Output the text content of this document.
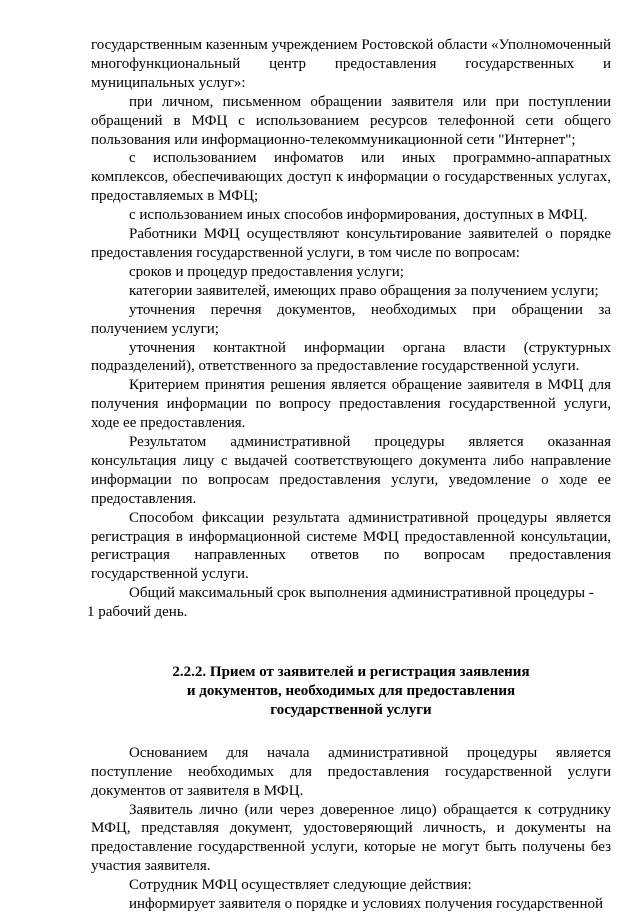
государственным казенным учреждением Ростовской области «Уполномоченный многофункциональный центр предоставления государственных и муниципальных услуг»:

при личном, письменном обращении заявителя или при поступлении обращений в МФЦ с использованием ресурсов телефонной сети общего пользования или информационно-телекоммуникационной сети "Интернет";

с использованием инфоматов или иных программно-аппаратных комплексов, обеспечивающих доступ к информации о государственных услугах, предоставляемых в МФЦ;

с использованием иных способов информирования, доступных в МФЦ.

Работники МФЦ осуществляют консультирование заявителей о порядке предоставления государственной услуги, в том числе по вопросам:

сроков и процедур предоставления услуги;

категории заявителей, имеющих право обращения за получением услуги;

уточнения перечня документов, необходимых при обращении за получением услуги;

уточнения контактной информации органа власти (структурных подразделений), ответственного за предоставление государственной услуги.

Критерием принятия решения является обращение заявителя в МФЦ для получения информации по вопросу предоставления государственной услуги, ходе ее предоставления.

Результатом административной процедуры является оказанная консультация лицу с выдачей соответствующего документа либо направление информации по вопросам предоставления услуги, уведомление о ходе ее предоставления.

Способом фиксации результата административной процедуры является регистрация в информационной системе МФЦ предоставленной консультации, регистрация направленных ответов по вопросам предоставления государственной услуги.

Общий максимальный срок выполнения административной процедуры -

1 рабочий день.

2.2.2. Прием от заявителей и регистрация заявления

и документов, необходимых для предоставления

государственной услуги

Основанием для начала административной процедуры является поступление необходимых для предоставления государственной услуги документов от заявителя в МФЦ.

Заявитель лично (или через доверенное лицо) обращается к сотруднику МФЦ, представляя документ, удостоверяющий личность, и документы на предоставление государственной услуги, которые не могут быть получены без участия заявителя.

Сотрудник МФЦ осуществляет следующие действия:

информирует заявителя о порядке и условиях получения государственной
